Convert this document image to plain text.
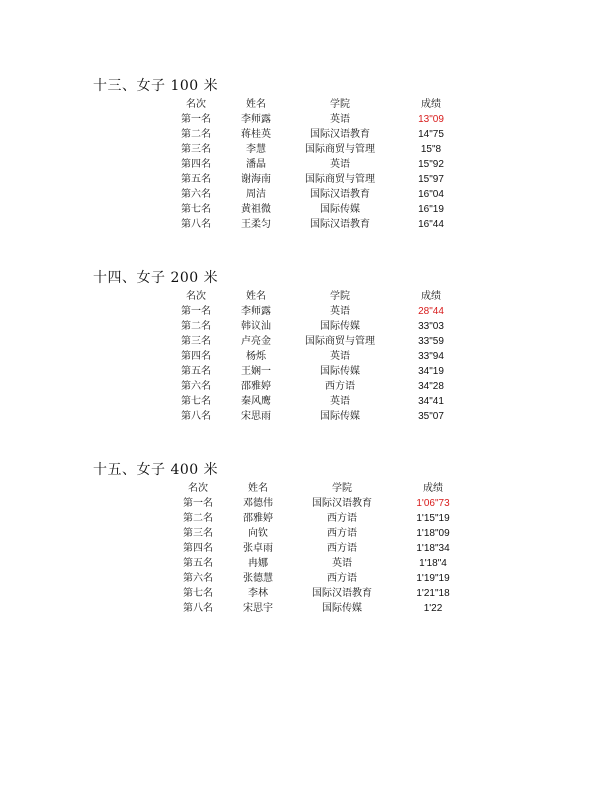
十三、女子 100 米
名次	姓名	学院	成绩
第一名	李师露	英语	13"09
第二名	蒋桂英	国际汉语教育	14"75
第三名	李慧	国际商贸与管理	15"8
第四名	潘晶	英语	15"92
第五名	谢海南	国际商贸与管理	15"97
第六名	周洁	国际汉语教育	16"04
第七名	黄祖微	国际传媒	16"19
第八名	王柔匀	国际汉语教育	16"44
十四、女子 200 米
名次	姓名	学院	成绩
第一名	李师露	英语	28"44
第二名	韩议汕	国际传媒	33"03
第三名	卢亮金	国际商贸与管理	33"59
第四名	杨烁	英语	33"94
第五名	王娴一	国际传媒	34"19
第六名	邵雅婷	西方语	34"28
第七名	秦风鹰	英语	34"41
第八名	宋思雨	国际传媒	35"07
十五、女子 400 米
名次	姓名	学院	成绩
第一名	邓德伟	国际汉语教育	1'06"73
第二名	邵雅婷	西方语	1'15"19
第三名	向钦	西方语	1'18"09
第四名	张卓雨	西方语	1'18"34
第五名	冉娜	英语	1'18"4
第六名	张德慧	西方语	1'19"19
第七名	李林	国际汉语教育	1'21"18
第八名	宋思宇	国际传媒	1'22
